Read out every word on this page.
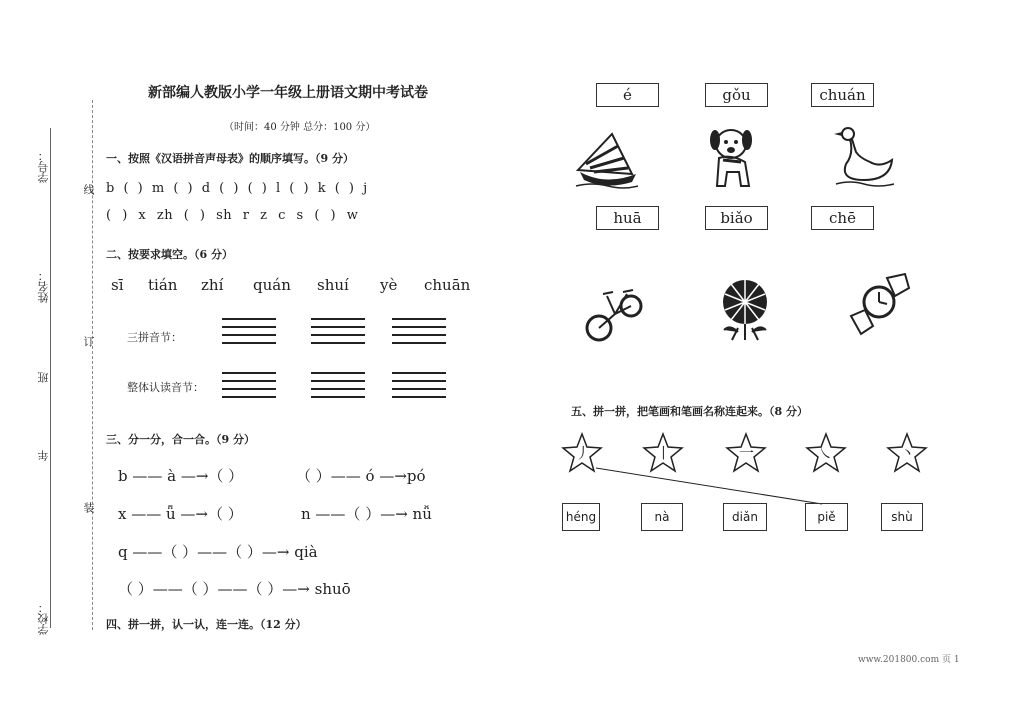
学号：
姓名：
班
年
学校：
线
订
装
新部编人教版小学一年级上册语文期中考试卷
（时间：40 分钟 总分：100 分）
一、按照《汉语拼音声母表》的顺序填写。（9 分）
b ( ) m ( ) d ( ) ( ) l ( ) k ( ) j
( ) x zh ( ) sh r z c s ( ) w
二、按要求填空。（6 分）
sī tián zhí quán shuí yè chuān
三拼音节：
整体认读音节：
三、分一分，合一合。（9 分）
b —— à —→（ ）	（ ）—— ó —→pó
x —— ǖ —→（ ）	n ——（ ）—→ nǚ
q ——（ ）——（ ）—→ qià
（ ）——（ ）——（ ）—→ shuō
四、拼一拼，认一认，连一连。（12 分）
é	gǒu	chuán
huā	biǎo	chē
五、拼一拼，把笔画和笔画名称连起来。（8 分）
丿	丨	一	㇏	丶
héng	nà	diǎn	piě	shù
www.201800.com 页 1
